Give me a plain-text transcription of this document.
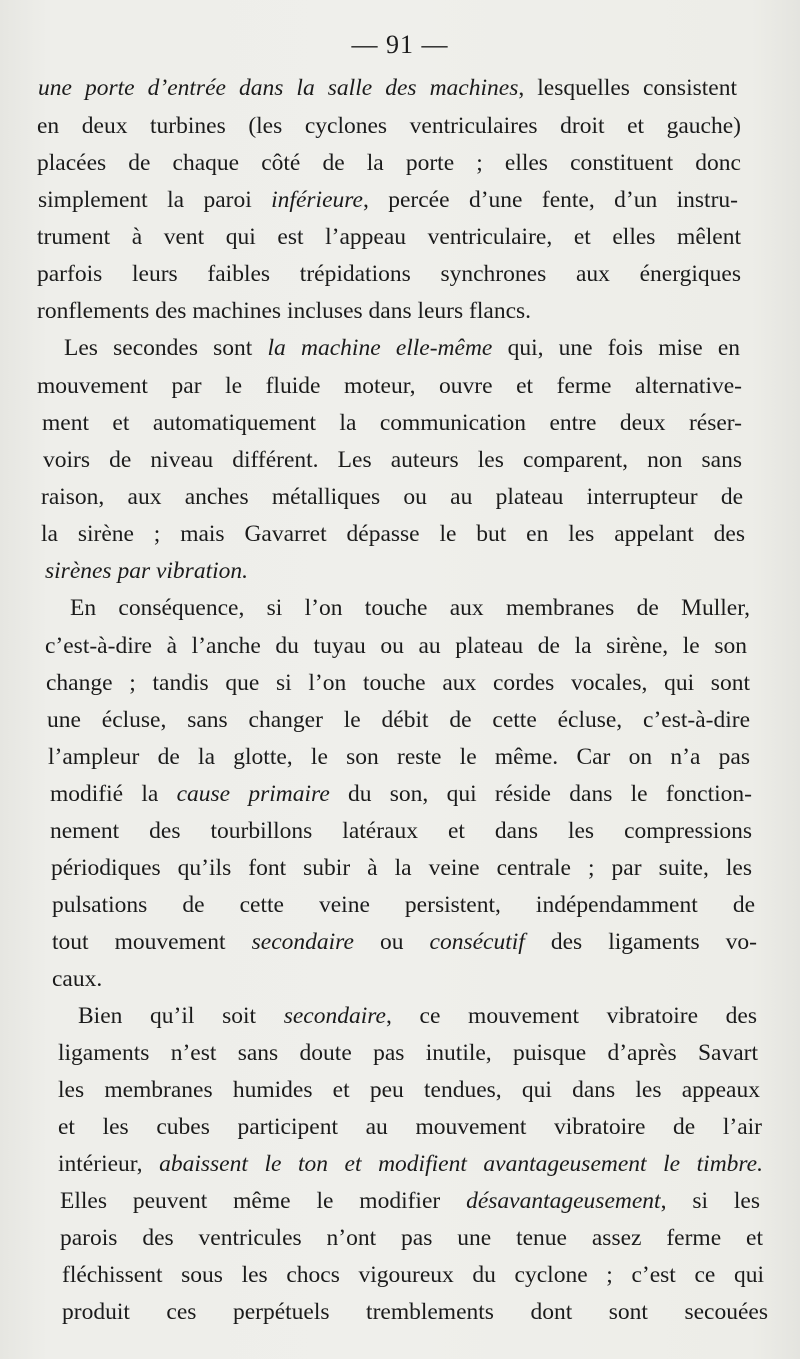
— 91 —
une porte d’entrée dans la salle des machines, lesquelles consistent
en deux turbines (les cyclones ventriculaires droit et gauche)
placées de chaque côté de la porte ; elles constituent donc
simplement la paroi inférieure, percée d’une fente, d’un instru-
trument à vent qui est l’appeau ventriculaire, et elles mêlent
parfois leurs faibles trépidations synchrones aux énergiques
ronflements des machines incluses dans leurs flancs.
Les secondes sont la machine elle-même qui, une fois mise en
mouvement par le fluide moteur, ouvre et ferme alternative-
ment et automatiquement la communication entre deux réser-
voirs de niveau différent. Les auteurs les comparent, non sans
raison, aux anches métalliques ou au plateau interrupteur de
la sirène ; mais Gavarret dépasse le but en les appelant des
sirènes par vibration.
En conséquence, si l’on touche aux membranes de Muller,
c’est-à-dire à l’anche du tuyau ou au plateau de la sirène, le son
change ; tandis que si l’on touche aux cordes vocales, qui sont
une écluse, sans changer le débit de cette écluse, c’est-à-dire
l’ampleur de la glotte, le son reste le même. Car on n’a pas
modifié la cause primaire du son, qui réside dans le fonction-
nement des tourbillons latéraux et dans les compressions
périodiques qu’ils font subir à la veine centrale ; par suite, les
pulsations de cette veine persistent, indépendamment de
tout mouvement secondaire ou consécutif des ligaments vo-
caux.
Bien qu’il soit secondaire, ce mouvement vibratoire des
ligaments n’est sans doute pas inutile, puisque d’après Savart
les membranes humides et peu tendues, qui dans les appeaux
et les cubes participent au mouvement vibratoire de l’air
intérieur, abaissent le ton et modifient avantageusement le timbre.
Elles peuvent même le modifier désavantageusement, si les
parois des ventricules n’ont pas une tenue assez ferme et
fléchissent sous les chocs vigoureux du cyclone ; c’est ce qui
produit ces perpétuels tremblements dont sont secouées
